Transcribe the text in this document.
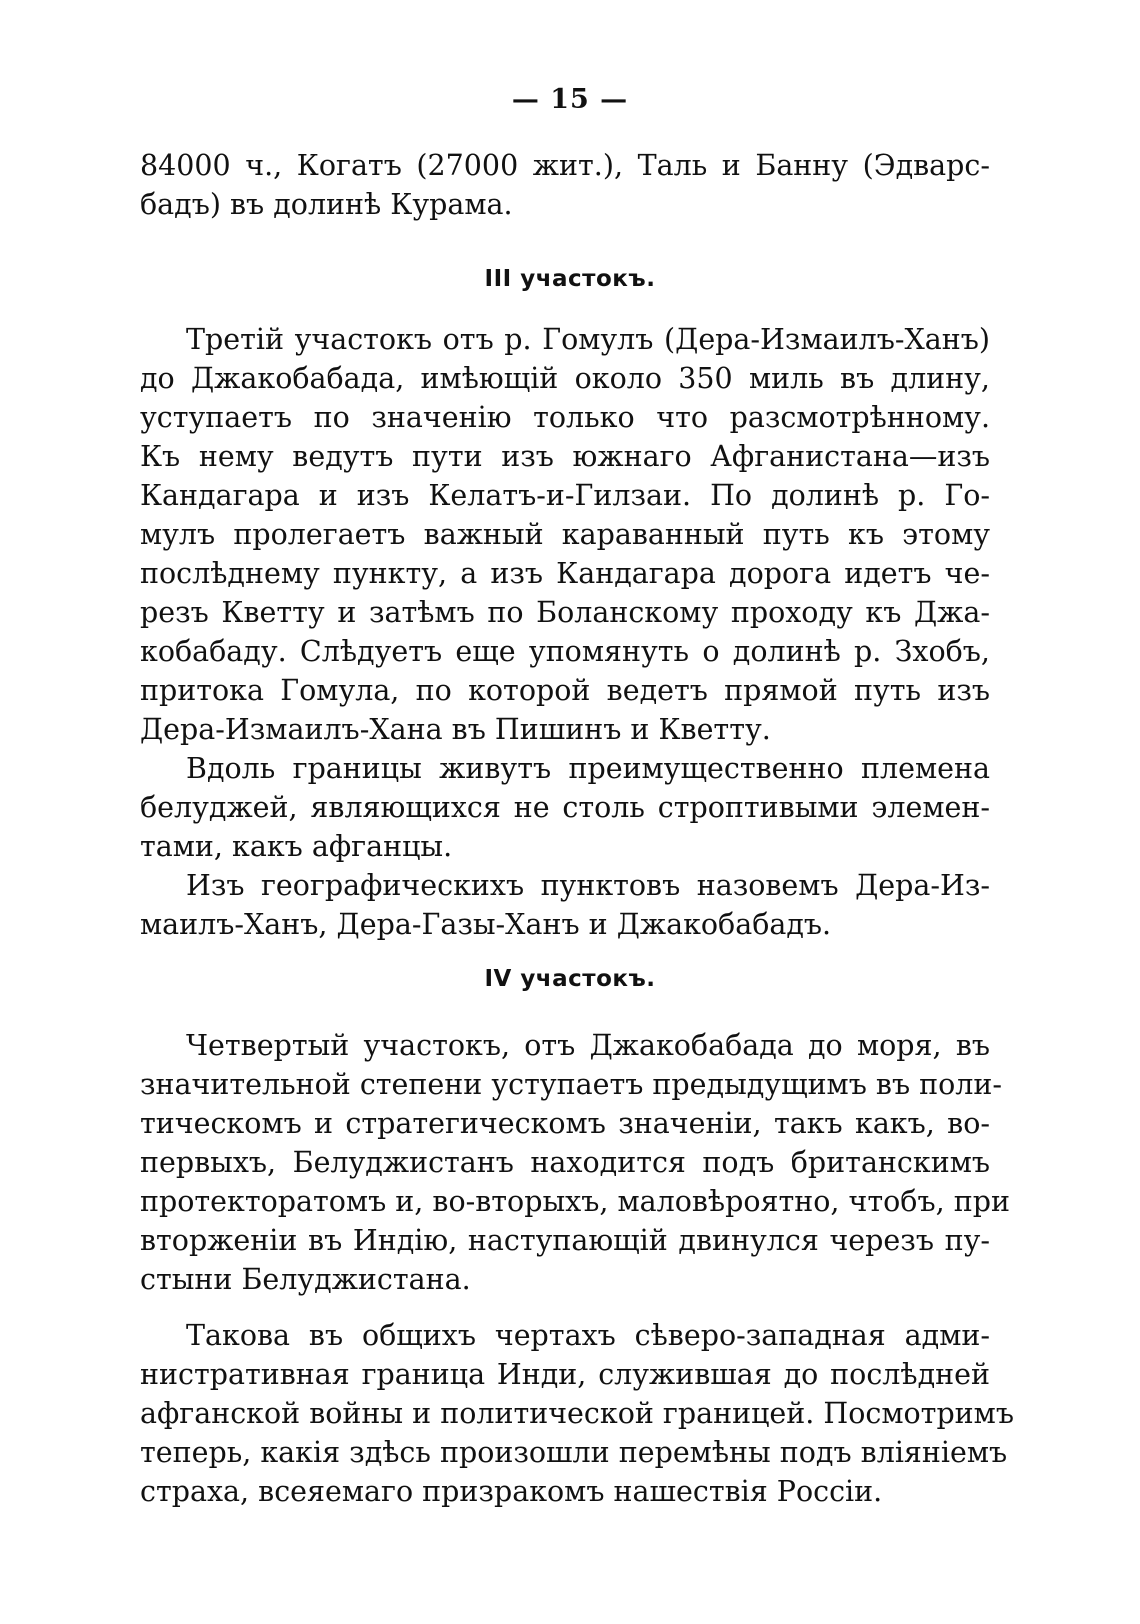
— 15 —
84000 ч., Когатъ (27000 жит.), Таль и Банну (Эдварс-
бадъ) въ долинѣ Курама.
III участокъ.
Третій участокъ отъ р. Гомулъ (Дера-Измаилъ-Ханъ)
до Джакобабада, имѣющій около 350 миль въ длину,
уступаетъ по значенію только что разсмотрѣнному.
Къ нему ведутъ пути изъ южнаго Афганистана—изъ
Кандагара и изъ Келатъ-и-Гилзаи. По долинѣ р. Го-
мулъ пролегаетъ важный караванный путь къ этому
послѣднему пункту, а изъ Кандагара дорога идетъ че-
резъ Кветту и затѣмъ по Боланскому проходу къ Джа-
кобабаду. Слѣдуетъ еще упомянуть о долинѣ р. Зхобъ,
притока Гомула, по которой ведетъ прямой путь изъ
Дера-Измаилъ-Хана въ Пишинъ и Кветту.
Вдоль границы живутъ преимущественно племена
белуджей, являющихся не столь строптивыми элемен-
тами, какъ афганцы.
Изъ географическихъ пунктовъ назовемъ Дера-Из-
маилъ-Ханъ, Дера-Газы-Ханъ и Джакобабадъ.
IV участокъ.
Четвертый участокъ, отъ Джакобабада до моря, въ
значительной степени уступаетъ предыдущимъ въ поли-
тическомъ и стратегическомъ значеніи, такъ какъ, во-
первыхъ, Белуджистанъ находится подъ британскимъ
протекторатомъ и, во-вторыхъ, маловѣроятно, чтобъ, при
вторженіи въ Индію, наступающій двинулся черезъ пу-
стыни Белуджистана.
Такова въ общихъ чертахъ сѣверо-западная адми-
нистративная граница Инди, служившая до послѣдней
афганской войны и политической границей. Посмотримъ
теперь, какія здѣсь произошли перемѣны подъ вліяніемъ
страха, всеяемаго призракомъ нашествія Россіи.
